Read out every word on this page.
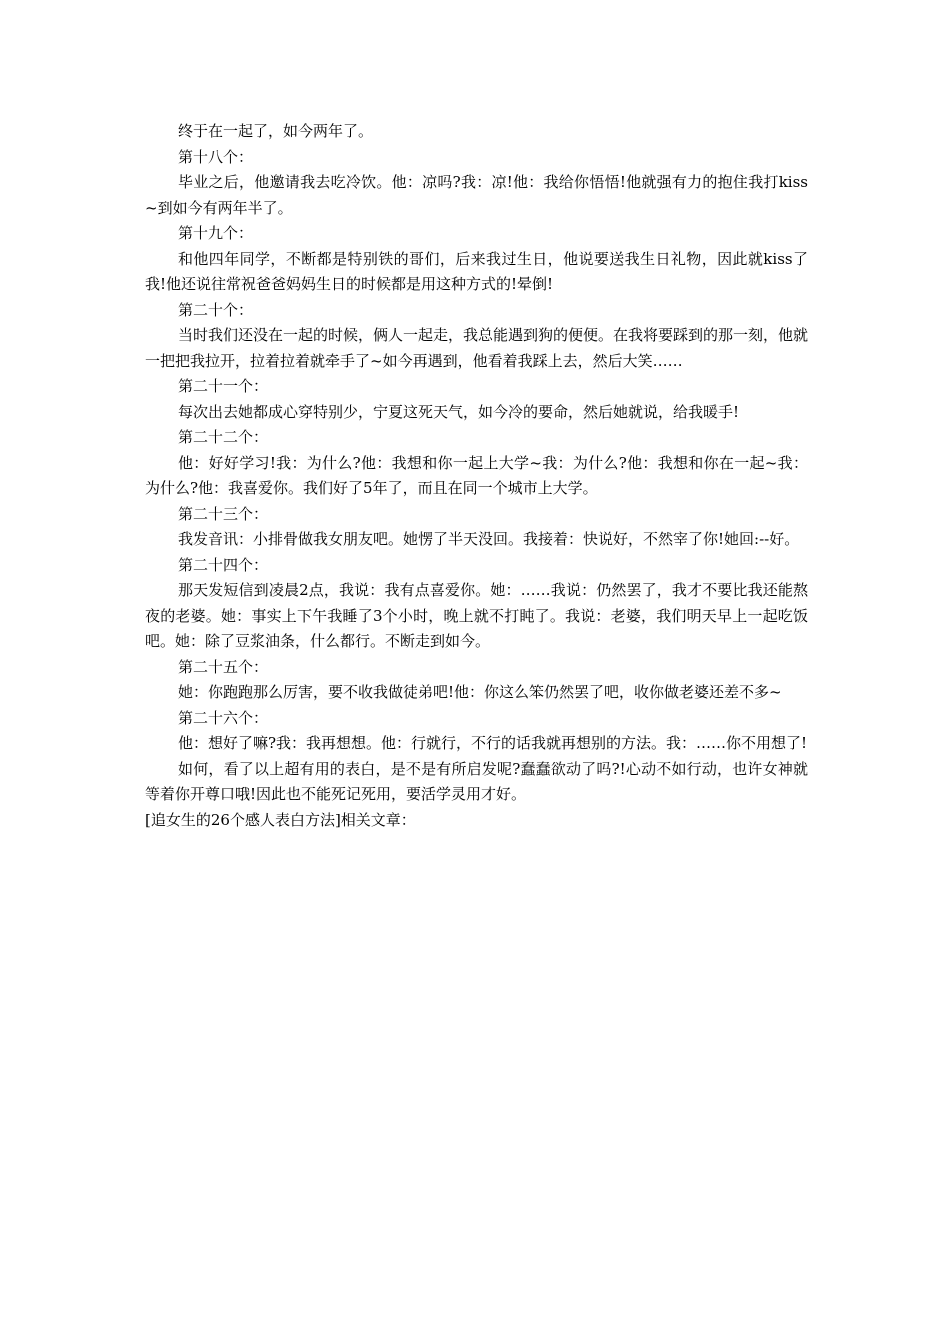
终于在一起了，如今两年了。

第十八个：

毕业之后，他邀请我去吃冷饮。他：凉吗?我：凉!他：我给你悟悟!他就强有力的抱住我打kiss~到如今有两年半了。

第十九个：

和他四年同学，不断都是特别铁的哥们，后来我过生日，他说要送我生日礼物，因此就kiss了我!他还说往常祝爸爸妈妈生日的时候都是用这种方式的!晕倒!

第二十个：

当时我们还没在一起的时候，俩人一起走，我总能遇到狗的便便。在我将要踩到的那一刻，他就一把把我拉开，拉着拉着就牵手了~如今再遇到，他看着我踩上去，然后大笑……

第二十一个：

每次出去她都成心穿特别少，宁夏这死天气，如今冷的要命，然后她就说，给我暖手!

第二十二个：

他：好好学习!我：为什么?他：我想和你一起上大学~我：为什么?他：我想和你在一起~我：为什么?他：我喜爱你。我们好了5年了，而且在同一个城市上大学。

第二十三个：

我发音讯：小排骨做我女朋友吧。她愣了半天没回。我接着：快说好，不然宰了你!她回:--好。

第二十四个：

那天发短信到凌晨2点，我说：我有点喜爱你。她：……我说：仍然罢了，我才不要比我还能熬夜的老婆。她：事实上下午我睡了3个小时，晚上就不打盹了。我说：老婆，我们明天早上一起吃饭吧。她：除了豆浆油条，什么都行。不断走到如今。

第二十五个：

她：你跑跑那么厉害，要不收我做徒弟吧!他：你这么笨仍然罢了吧，收你做老婆还差不多~

第二十六个：

他：想好了嘛?我：我再想想。他：行就行，不行的话我就再想别的方法。我：……你不用想了!

如何，看了以上超有用的表白，是不是有所启发呢?蠢蠢欲动了吗?!心动不如行动，也许女神就等着你开尊口哦!因此也不能死记死用，要活学灵用才好。

[追女生的26个感人表白方法]相关文章：
